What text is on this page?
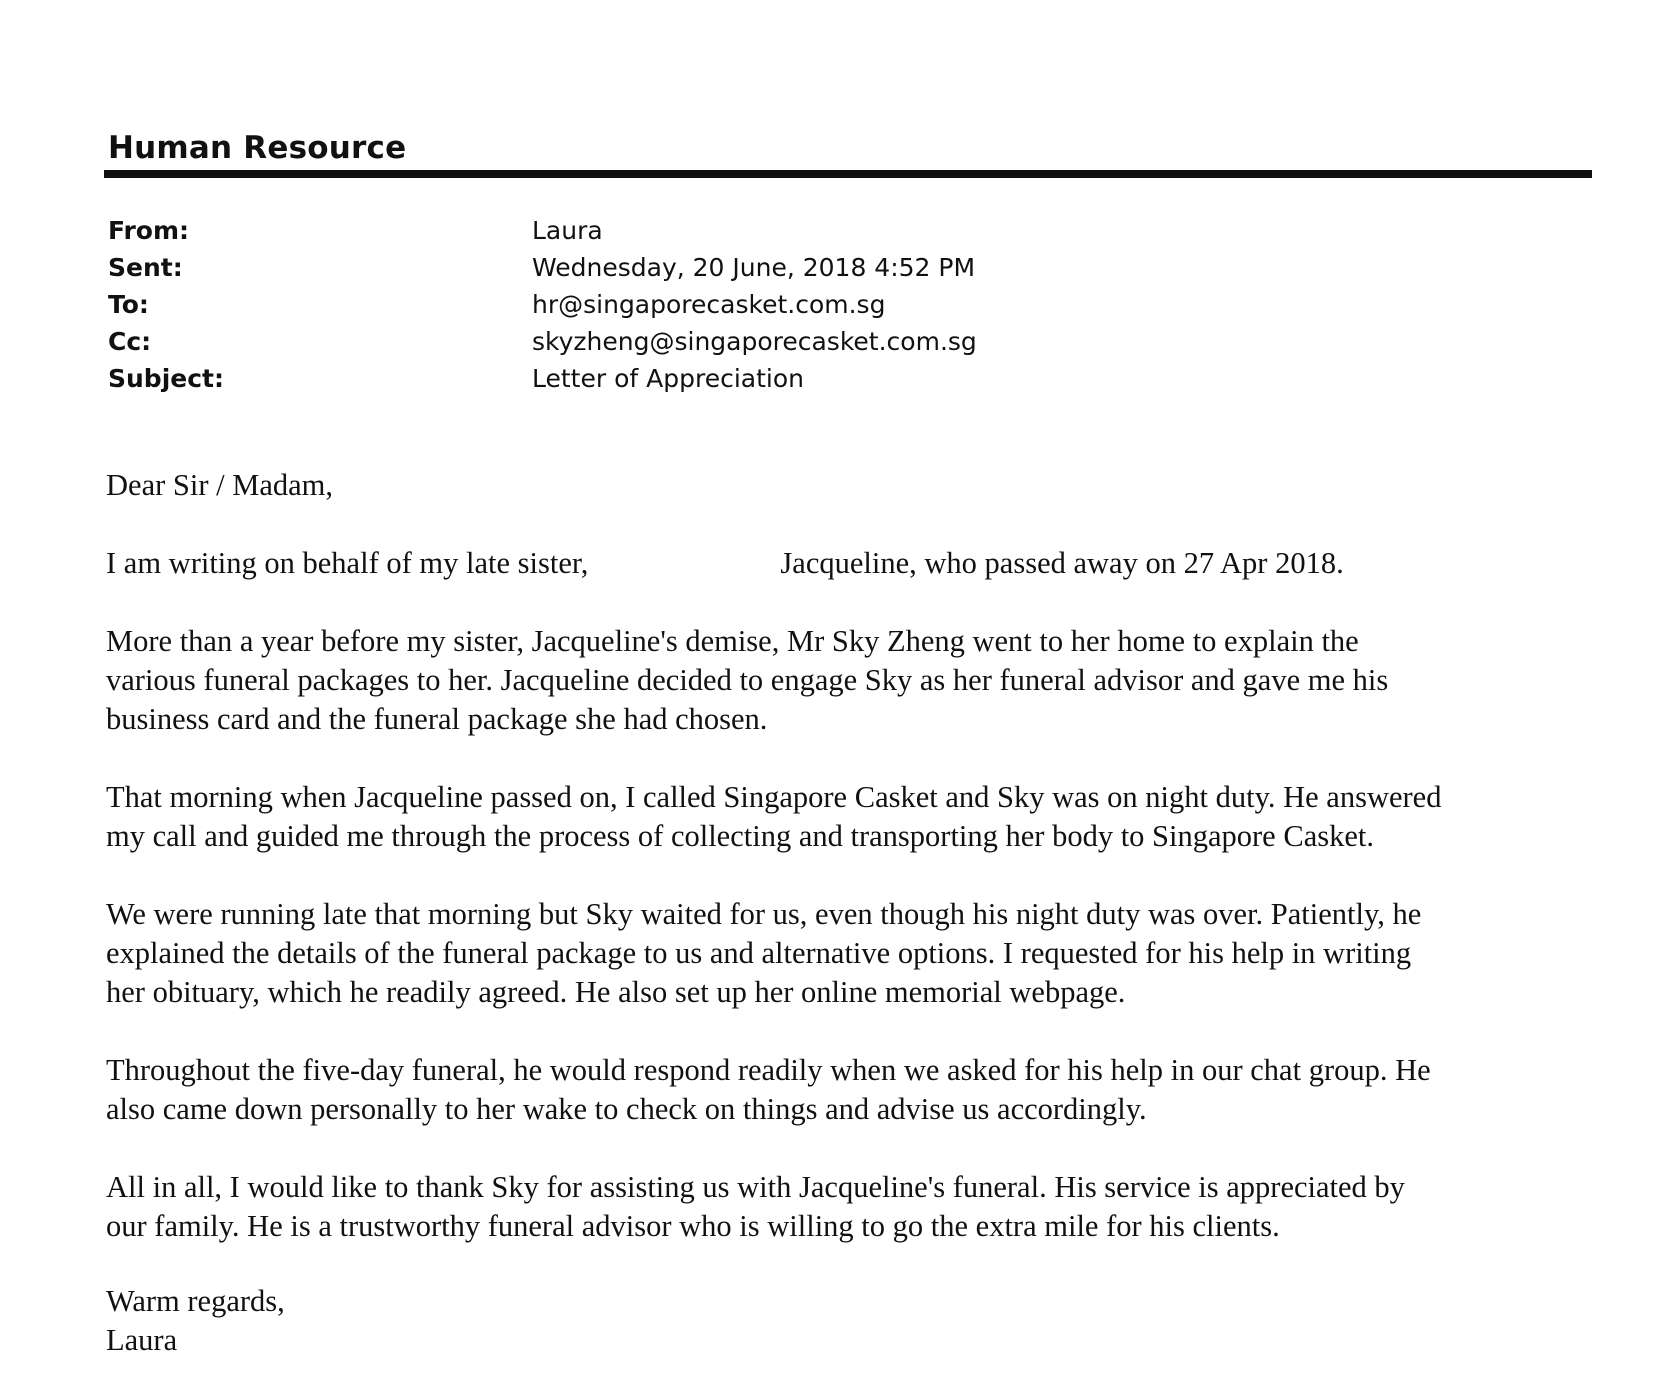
Human Resource
From:	Laura
Sent:	Wednesday, 20 June, 2018 4:52 PM
To:	hr@singaporecasket.com.sg
Cc:	skyzheng@singaporecasket.com.sg
Subject:	Letter of Appreciation

Dear Sir / Madam,

I am writing on behalf of my late sister,	Jacqueline, who passed away on 27 Apr 2018.

More than a year before my sister, Jacqueline's demise, Mr Sky Zheng went to her home to explain the
various funeral packages to her. Jacqueline decided to engage Sky as her funeral advisor and gave me his
business card and the funeral package she had chosen.

That morning when Jacqueline passed on, I called Singapore Casket and Sky was on night duty. He answered
my call and guided me through the process of collecting and transporting her body to Singapore Casket.

We were running late that morning but Sky waited for us, even though his night duty was over. Patiently, he
explained the details of the funeral package to us and alternative options. I requested for his help in writing
her obituary, which he readily agreed. He also set up her online memorial webpage.

Throughout the five-day funeral, he would respond readily when we asked for his help in our chat group. He
also came down personally to her wake to check on things and advise us accordingly.

All in all, I would like to thank Sky for assisting us with Jacqueline's funeral. His service is appreciated by
our family. He is a trustworthy funeral advisor who is willing to go the extra mile for his clients.

Warm regards,
Laura
